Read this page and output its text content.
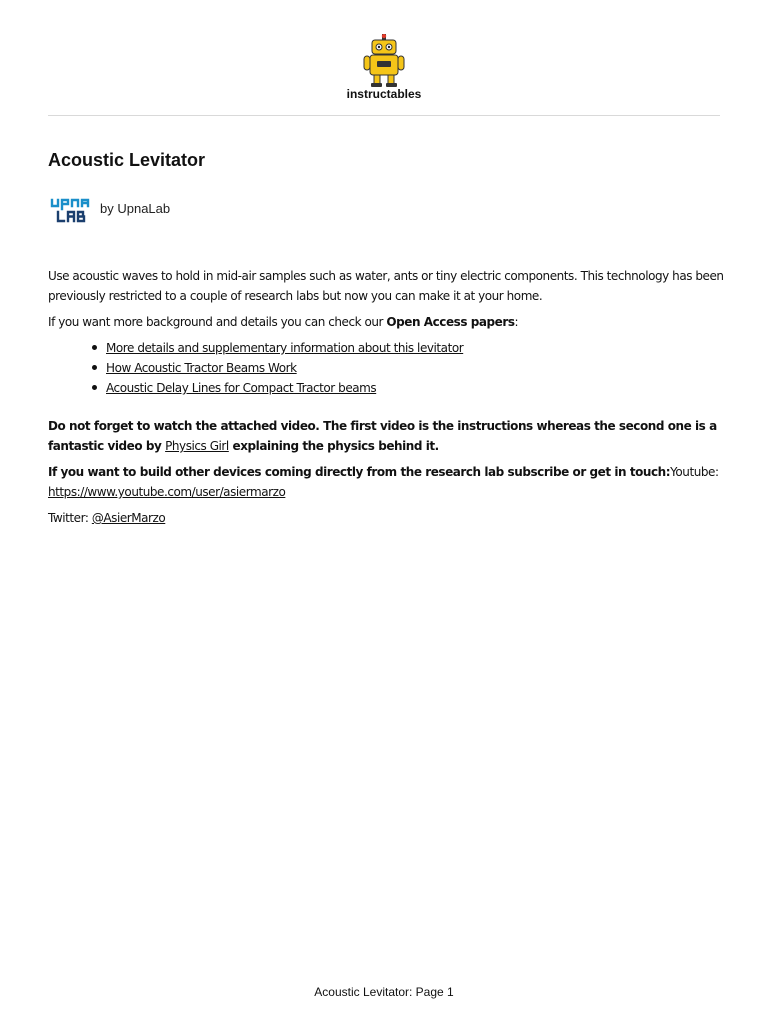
instructables
Acoustic Levitator
by UpnaLab

Use acoustic waves to hold in mid-air samples such as water, ants or tiny electric components. This technology has been previously restricted to a couple of research labs but now you can make it at your home.

If you want more background and details you can check our Open Access papers:

More details and supplementary information about this levitator
How Acoustic Tractor Beams Work
Acoustic Delay Lines for Compact Tractor beams

Do not forget to watch the attached video. The first video is the instructions whereas the second one is a fantastic video by Physics Girl explaining the physics behind it.

If you want to build other devices coming directly from the research lab subscribe or get in touch:Youtube:
https://www.youtube.com/user/asiermarzo

Twitter: @AsierMarzo

Acoustic Levitator: Page 1
